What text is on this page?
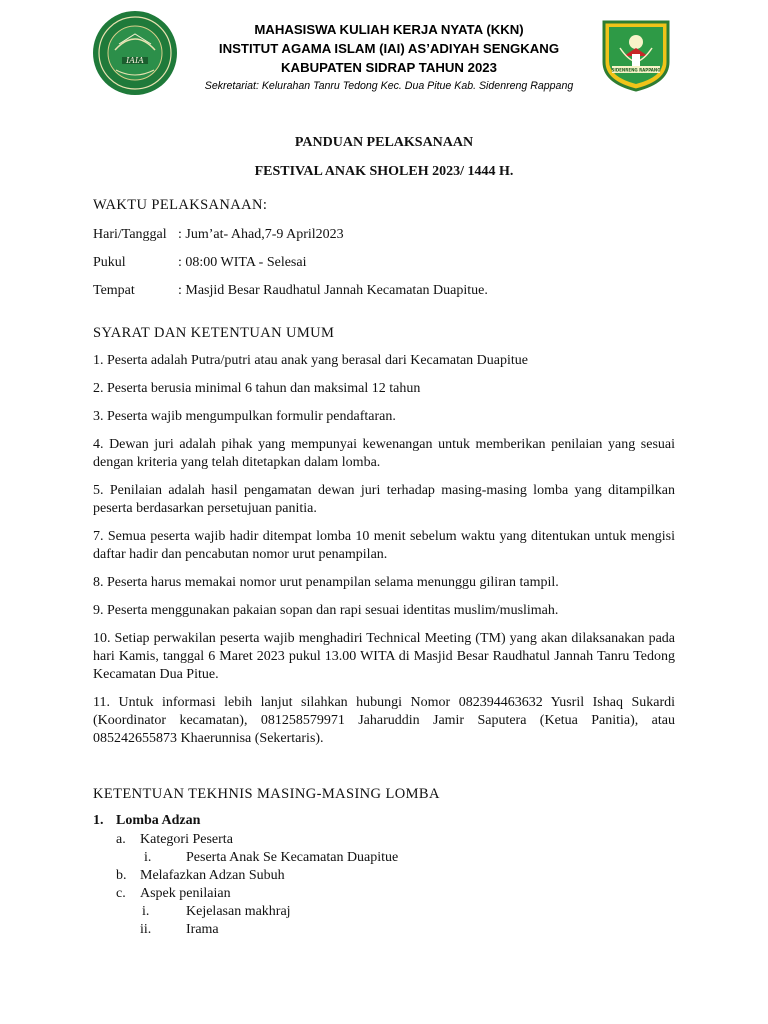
IAIA
MAHASISWA KULIAH KERJA NYATA (KKN)
INSTITUT AGAMA ISLAM (IAI) AS’ADIYAH SENGKANG
KABUPATEN SIDRAP TAHUN 2023
Sekretariat: Kelurahan Tanru Tedong Kec. Dua Pitue Kab. Sidenreng Rappang
SIDENRENG RAPPANG
PANDUAN PELAKSANAAN
FESTIVAL ANAK SHOLEH 2023/ 1444 H.
WAKTU PELAKSANAAN:
Hari/Tanggal : Jum’at- Ahad,7-9 April2023
Pukul	: 08:00 WITA - Selesai
Tempat	: Masjid Besar Raudhatul Jannah Kecamatan Duapitue.
SYARAT DAN KETENTUAN UMUM
1. Peserta adalah Putra/putri atau anak yang berasal dari Kecamatan Duapitue
2. Peserta berusia minimal 6 tahun dan maksimal 12 tahun
3. Peserta wajib mengumpulkan formulir pendaftaran.
4. Dewan juri adalah pihak yang mempunyai kewenangan untuk memberikan penilaian yang sesuai dengan kriteria yang telah ditetapkan dalam lomba.
5. Penilaian adalah hasil pengamatan dewan juri terhadap masing-masing lomba yang ditampilkan peserta berdasarkan persetujuan panitia.
7. Semua peserta wajib hadir ditempat lomba 10 menit sebelum waktu yang ditentukan untuk mengisi daftar hadir dan pencabutan nomor urut penampilan.
8. Peserta harus memakai nomor urut penampilan selama menunggu giliran tampil.
9. Peserta menggunakan pakaian sopan dan rapi sesuai identitas muslim/muslimah.
10. Setiap perwakilan peserta wajib menghadiri Technical Meeting (TM) yang akan dilaksanakan pada hari Kamis, tanggal 6 Maret 2023 pukul 13.00 WITA di Masjid Besar Raudhatul Jannah Tanru Tedong Kecamatan Dua Pitue.
11. Untuk informasi lebih lanjut silahkan hubungi Nomor 082394463632 Yusril Ishaq Sukardi (Koordinator kecamatan), 081258579971 Jaharuddin Jamir Saputera (Ketua Panitia), atau 085242655873 Khaerunnisa (Sekertaris).
KETENTUAN TEKHNIS MASING-MASING LOMBA
1. Lomba Adzan
a. Kategori Peserta
i. Peserta Anak Se Kecamatan Duapitue
b. Melafazkan Adzan Subuh
c. Aspek penilaian
i.	Kejelasan makhraj
ii. Irama
